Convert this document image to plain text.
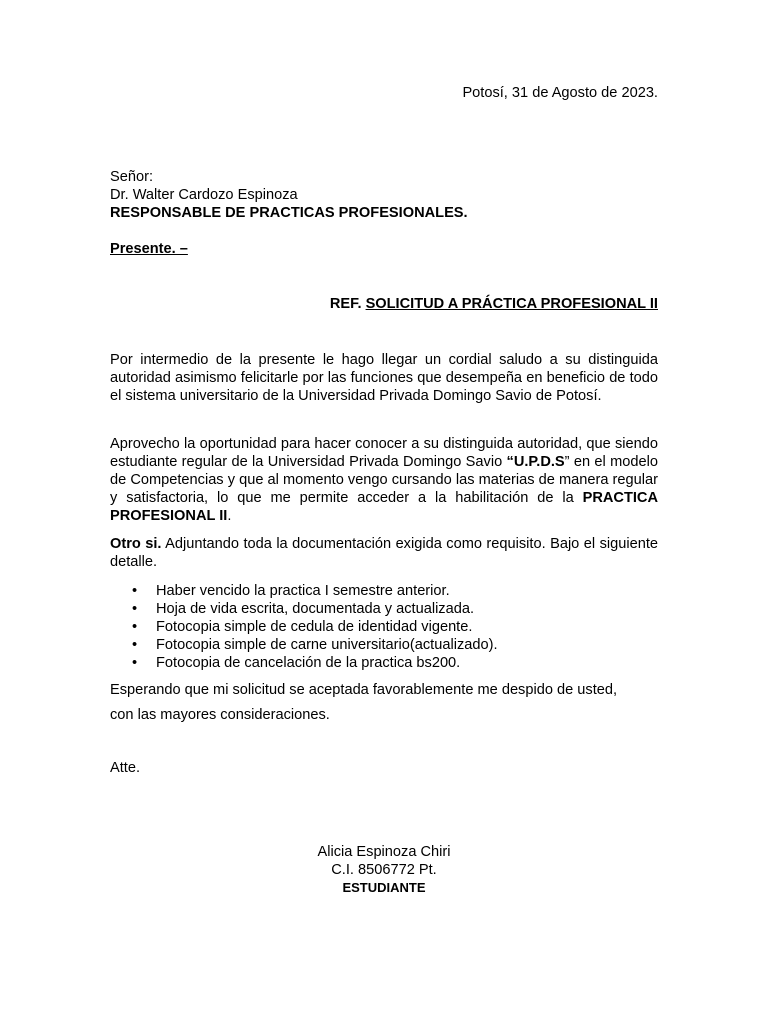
Potosí, 31 de Agosto de 2023.
Señor:
Dr. Walter Cardozo Espinoza
RESPONSABLE DE PRACTICAS PROFESIONALES.
Presente. –
REF. SOLICITUD A PRÁCTICA PROFESIONAL II
Por intermedio de la presente le hago llegar un cordial saludo a su distinguida autoridad asimismo felicitarle por las funciones que desempeña en beneficio de todo el sistema universitario de la Universidad Privada Domingo Savio de Potosí.
Aprovecho la oportunidad para hacer conocer a su distinguida autoridad, que siendo estudiante regular de la Universidad Privada Domingo Savio “U.P.D.S” en el modelo de Competencias y que al momento vengo cursando las materias de manera regular y satisfactoria, lo que me permite acceder a la habilitación de la PRACTICA PROFESIONAL II.
Otro si. Adjuntando toda la documentación exigida como requisito. Bajo el siguiente detalle.
• Haber vencido la practica I semestre anterior.
• Hoja de vida escrita, documentada y actualizada.
• Fotocopia simple de cedula de identidad vigente.
• Fotocopia simple de carne universitario(actualizado).
• Fotocopia de cancelación de la practica bs200.
Esperando que mi solicitud se aceptada favorablemente me despido de usted,
con las mayores consideraciones.
Atte.
Alicia Espinoza Chiri
C.I. 8506772 Pt.
ESTUDIANTE
